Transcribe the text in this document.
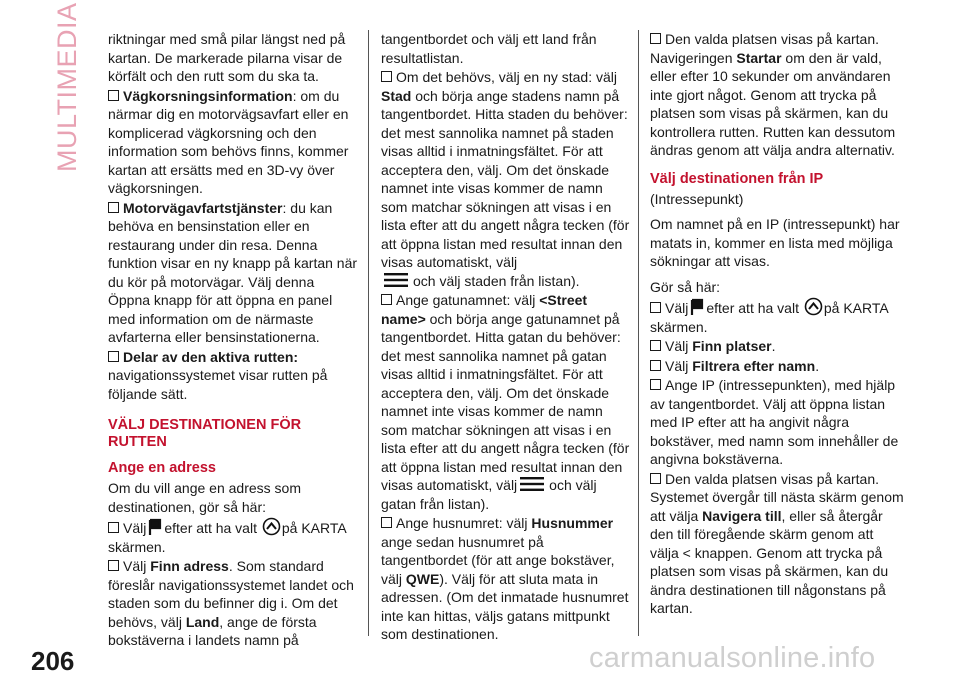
MULTIMEDIA riktningar med små pilar längst ned på kartan. De markerade pilarna visar de körfält och den rutt som du ska ta.

Vägkorsningsinformation: om du närmar dig en motorvägsavfart eller en komplicerad vägkorsning och den information som behövs finns, kommer kartan att ersätts med en 3D-vy över vägkorsningen.

Motorvägavfartstjänster: du kan behöva en bensinstation eller en restaurang under din resa. Denna funktion visar en ny knapp på kartan när du kör på motorvägar. Välj denna Öppna knapp för att öppna en panel med information om de närmaste avfarterna eller bensinstationerna.

Delar av den aktiva rutten:
navigationssystemet visar rutten på följande sätt.

VÄLJ DESTINATIONEN FÖR RUTTEN
Ange en adress

Om du vill ange en adress som destinationen, gör så här:

Välj efter att ha valt på KARTA skärmen.

Välj Finn adress. Som standard föreslår navigationssystemet landet och staden som du befinner dig i. Om det behövs, välj Land, ange de första bokstäverna i landets namn på

tangentbordet och välj ett land från resultatlistan.

Om det behövs, välj en ny stad: välj Stad och börja ange stadens namn på tangentbordet. Hitta staden du behöver: det mest sannolika namnet på staden visas alltid i inmatningsfältet. För att acceptera den, välj. Om det önskade namnet inte visas kommer de namn som matchar sökningen att visas i en lista efter att du angett några tecken (för att öppna listan med resultat innan den visas automatiskt, välj
och välj staden från listan).

Ange gatunamnet: välj <Street name> och börja ange gatunamnet på tangentbordet. Hitta gatan du behöver: det mest sannolika namnet på gatan visas alltid i inmatningsfältet. För att acceptera den, välj. Om det önskade namnet inte visas kommer de namn som matchar sökningen att visas i en lista efter att du angett några tecken (för att öppna listan med resultat innan den visas automatiskt, välj och välj gatan från listan).

Ange husnumret: välj Husnummer ange sedan husnumret på tangentbordet (för att ange bokstäver, välj QWE). Välj för att sluta mata in adressen. (Om det inmatade husnumret inte kan hittas, väljs gatans mittpunkt som destinationen.

Den valda platsen visas på kartan. Navigeringen Startar om den är vald, eller efter 10 sekunder om användaren inte gjort något. Genom att trycka på platsen som visas på skärmen, kan du kontrollera rutten. Rutten kan dessutom ändras genom att välja andra alternativ.

Välj destinationen från IP

(Intressepunkt)

Om namnet på en IP (intressepunkt) har matats in, kommer en lista med möjliga sökningar att visas.

Gör så här:

Välj efter att ha valt på KARTA skärmen.

Välj Finn platser.

Välj Filtrera efter namn.

Ange IP (intressepunkten), med hjälp av tangentbordet. Välj att öppna listan med IP efter att ha angivit några bokstäver, med namn som innehåller de angivna bokstäverna.

Den valda platsen visas på kartan. Systemet övergår till nästa skärm genom att välja Navigera till, eller så återgår den till föregående skärm genom att välja < knappen. Genom att trycka på platsen som visas på skärmen, kan du ändra destinationen till någonstans på kartan.

206	carmanualsonline.info
